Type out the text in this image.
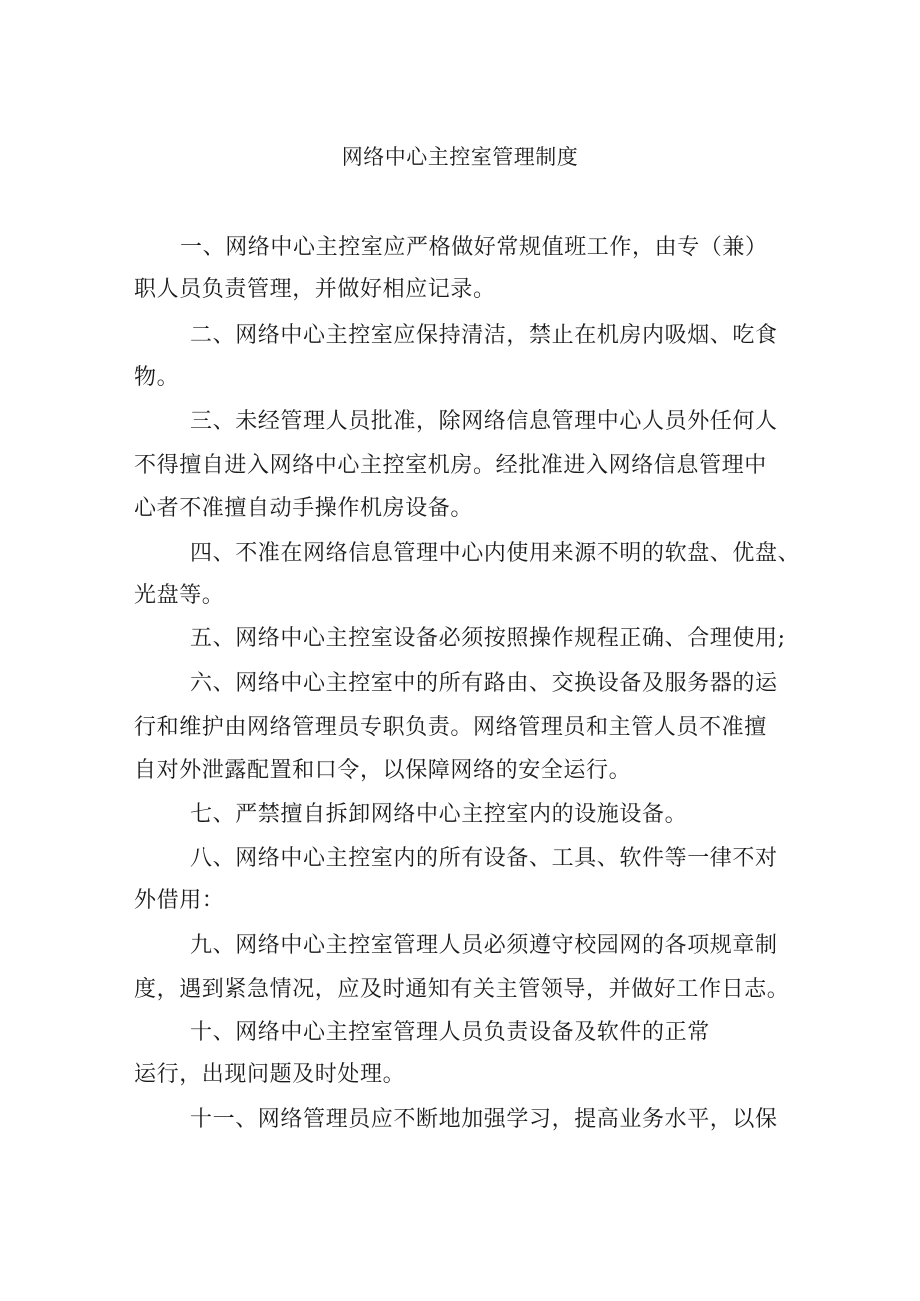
网络中心主控室管理制度

一、网络中心主控室应严格做好常规值班工作，由专（兼）

职人员负责管理，并做好相应记录。

二、网络中心主控室应保持清洁，禁止在机房内吸烟、吃食

物。

三、未经管理人员批准，除网络信息管理中心人员外任何人

不得擅自进入网络中心主控室机房。经批准进入网络信息管理中

心者不准擅自动手操作机房设备。

四、不准在网络信息管理中心内使用来源不明的软盘、优盘、

光盘等。

五、网络中心主控室设备必须按照操作规程正确、合理使用;

六、网络中心主控室中的所有路由、交换设备及服务器的运

行和维护由网络管理员专职负责。网络管理员和主管人员不准擅

自对外泄露配置和口令，以保障网络的安全运行。

七、严禁擅自拆卸网络中心主控室内的设施设备。

八、网络中心主控室内的所有设备、工具、软件等一律不对

外借用：

九、网络中心主控室管理人员必须遵守校园网的各项规章制

度，遇到紧急情况，应及时通知有关主管领导，并做好工作日志。

十、网络中心主控室管理人员负责设备及软件的正常

运行，出现问题及时处理。

十一、网络管理员应不断地加强学习，提高业务水平，以保
